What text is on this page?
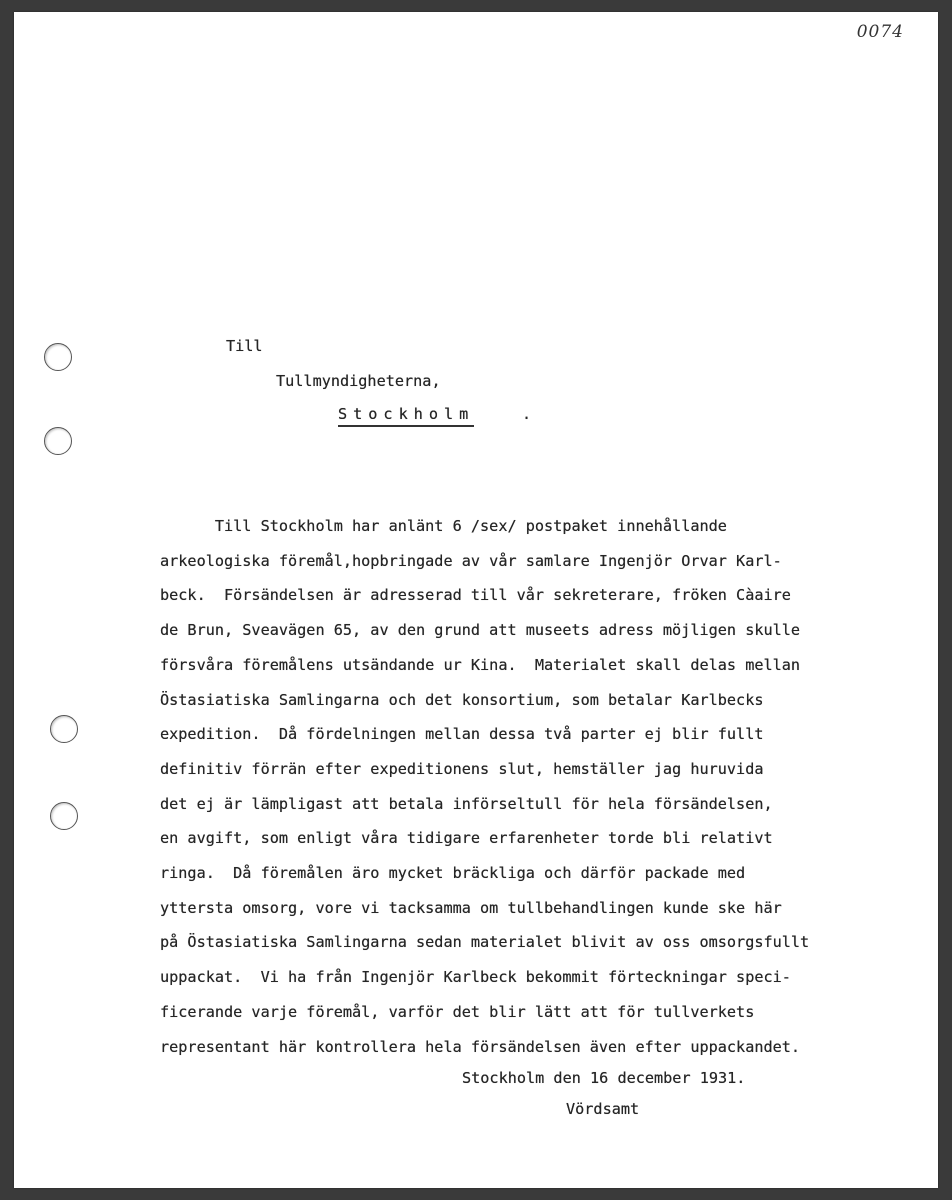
0074
Till
Tullmyndigheterna,
Stockholm	.
Till Stockholm har anlänt 6 /sex/ postpaket innehållande
arkeologiska föremål,hopbringade av vår samlare Ingenjör Orvar Karl-
beck.  Försändelsen är adresserad till vår sekreterare, fröken Càaire
de Brun, Sveavägen 65, av den grund att museets adress möjligen skulle
försvåra föremålens utsändande ur Kina.  Materialet skall delas mellan
Östasiatiska Samlingarna och det konsortium, som betalar Karlbecks
expedition.  Då fördelningen mellan dessa två parter ej blir fullt
definitiv förrän efter expeditionens slut, hemställer jag huruvida
det ej är lämpligast att betala införseltull för hela försändelsen,
en avgift, som enligt våra tidigare erfarenheter torde bli relativt
ringa.  Då föremålen äro mycket bräckliga och därför packade med
yttersta omsorg, vore vi tacksamma om tullbehandlingen kunde ske här
på Östasiatiska Samlingarna sedan materialet blivit av oss omsorgsfullt
uppackat.  Vi ha från Ingenjör Karlbeck bekommit förteckningar speci-
ficerande varje föremål, varför det blir lätt att för tullverkets
representant här kontrollera hela försändelsen även efter uppackandet.
Stockholm den 16 december 1931.
Vördsamt
